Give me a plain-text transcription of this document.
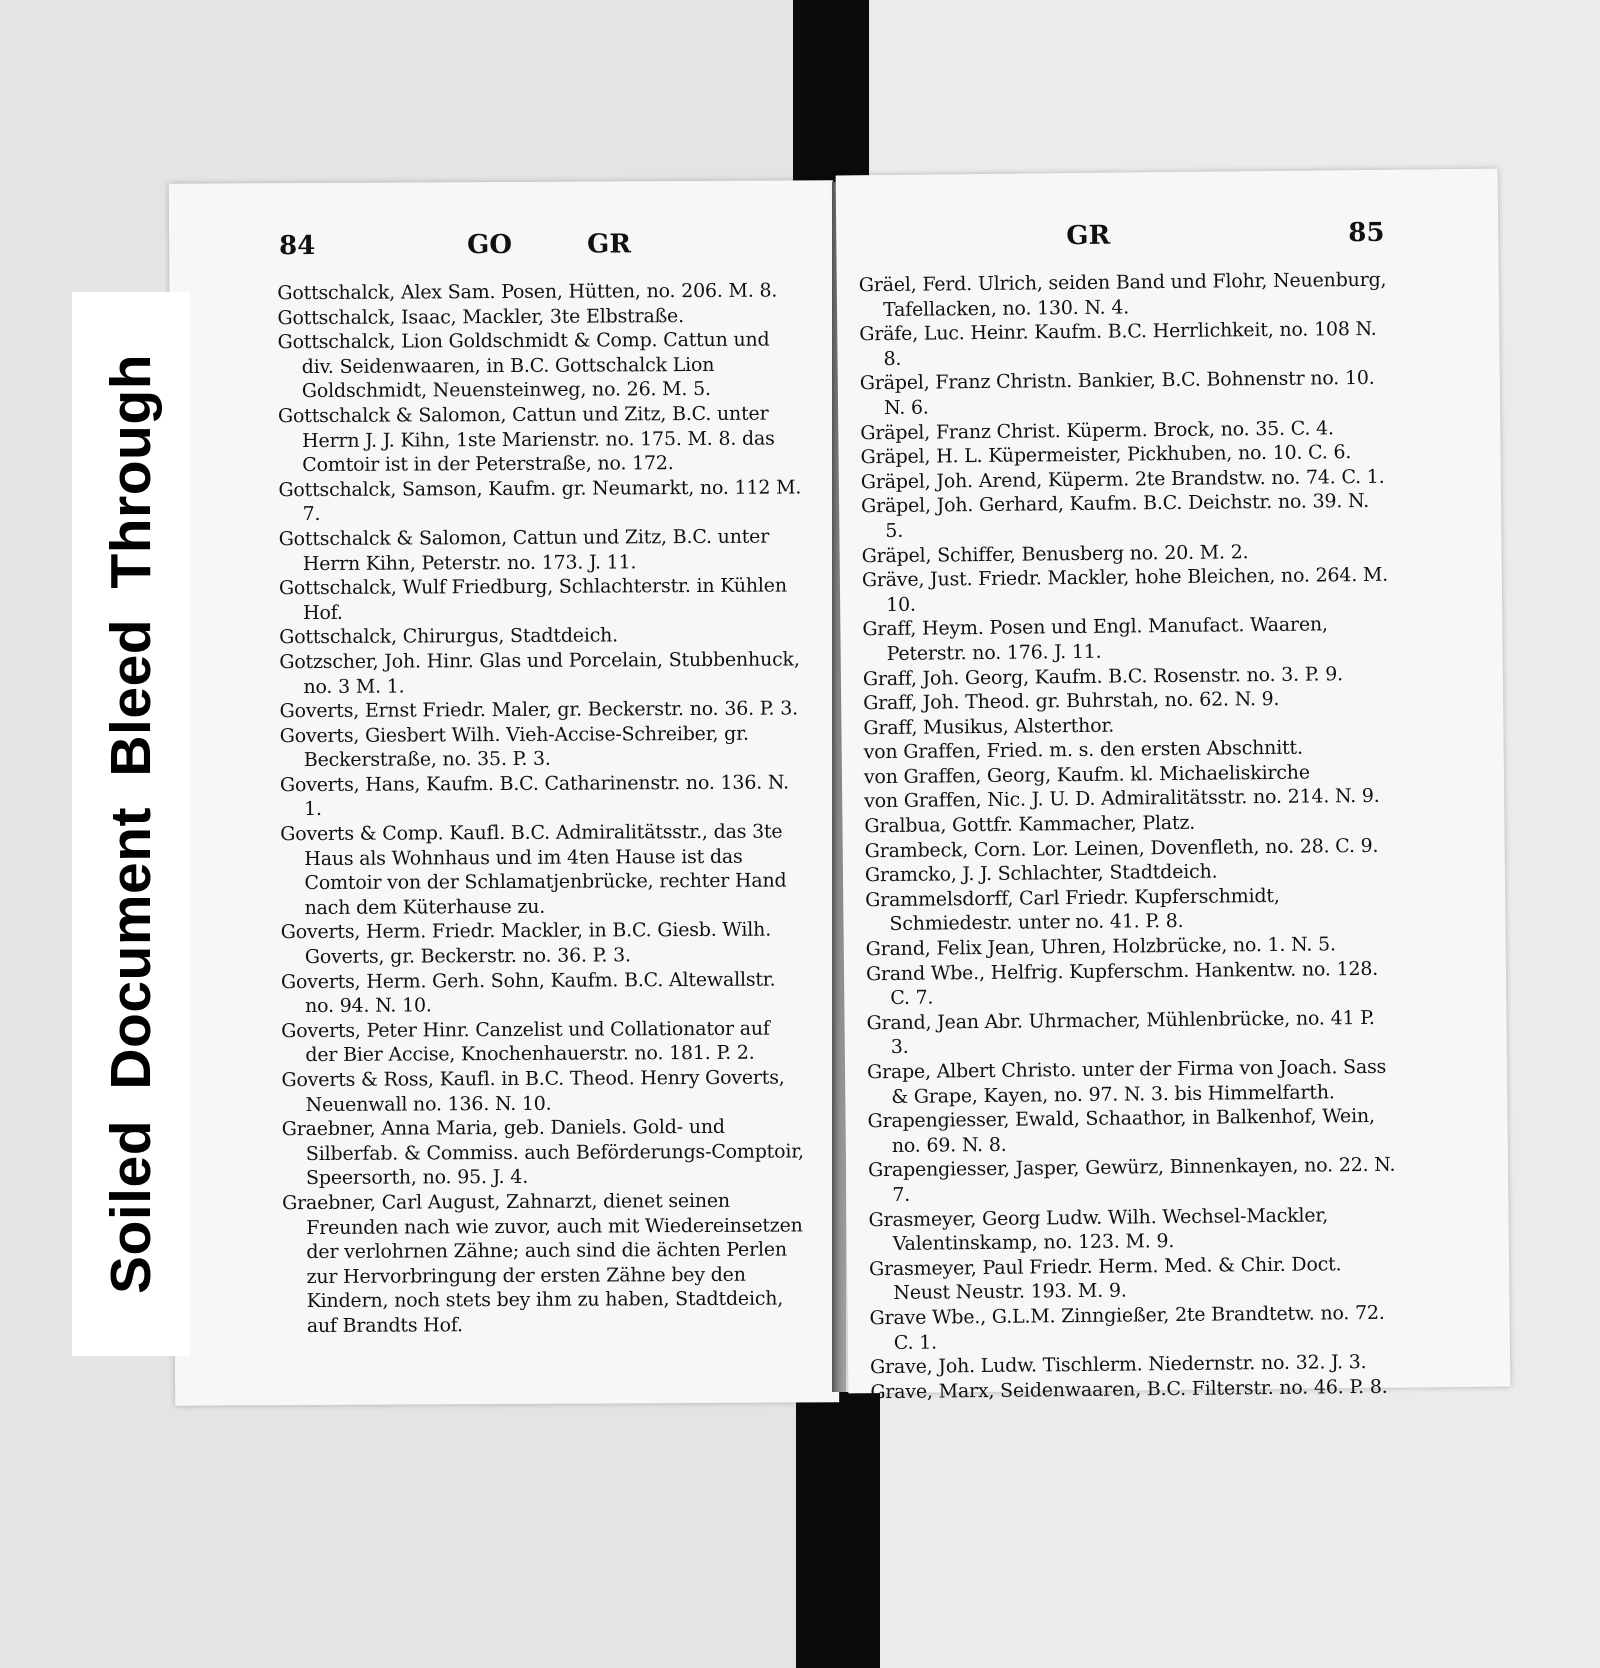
84	GO	GR

Gottschalck, Alex Sam. Posen, Hütten, no. 206. M. 8.

Gottschalck, Isaac, Mackler, 3te Elbstraße.

Gottschalck, Lion Goldschmidt & Comp. Cattun und div. Seidenwaaren, in B.C. Gottschalck Lion Goldschmidt, Neuensteinweg, no. 26. M. 5.

Gottschalck & Salomon, Cattun und Zitz, B.C. unter Herrn J. J. Kihn, 1ste Marienstr. no. 175. M. 8. das Comtoir ist in der Peterstraße, no. 172.

Gottschalck, Samson, Kaufm. gr. Neumarkt, no. 112 M. 7.

Gottschalck & Salomon, Cattun und Zitz, B.C. unter Herrn Kihn, Peterstr. no. 173. J. 11.

Gottschalck, Wulf Friedburg, Schlachterstr. in Kühlen Hof.

Gottschalck, Chirurgus, Stadtdeich.

Gotzscher, Joh. Hinr. Glas und Porcelain, Stubbenhuck, no. 3 M. 1.

Goverts, Ernst Friedr. Maler, gr. Beckerstr. no. 36. P. 3.

Goverts, Giesbert Wilh. Vieh-Accise-Schreiber, gr. Beckerstraße, no. 35. P. 3.

Goverts, Hans, Kaufm. B.C. Catharinenstr. no. 136. N. 1.

Goverts & Comp. Kaufl. B.C. Admiralitätsstr., das 3te Haus als Wohnhaus und im 4ten Hause ist das Comtoir von der Schlamatjenbrücke, rechter Hand nach dem Küterhause zu.

Goverts, Herm. Friedr. Mackler, in B.C. Giesb. Wilh. Goverts, gr. Beckerstr. no. 36. P. 3.

Goverts, Herm. Gerh. Sohn, Kaufm. B.C. Altewallstr. no. 94. N. 10.

Goverts, Peter Hinr. Canzelist und Collationator auf der Bier Accise, Knochenhauerstr. no. 181. P. 2.

Goverts & Ross, Kaufl. in B.C. Theod. Henry Goverts, Neuenwall no. 136. N. 10.

Graebner, Anna Maria, geb. Daniels. Gold- und Silberfab. & Commiss. auch Beförderungs-Comptoir, Speersorth, no. 95. J. 4.

Graebner, Carl August, Zahnarzt, dienet seinen Freunden nach wie zuvor, auch mit Wiedereinsetzen der verlohrnen Zähne; auch sind die ächten Perlen zur Hervorbringung der ersten Zähne bey den Kindern, noch stets bey ihm zu haben, Stadtdeich, auf Brandts Hof.

GR	85

Gräel, Ferd. Ulrich, seiden Band und Flohr, Neuenburg, Tafellacken, no. 130. N. 4.

Gräfe, Luc. Heinr. Kaufm. B.C. Herrlichkeit, no. 108 N. 8.

Gräpel, Franz Christn. Bankier, B.C. Bohnenstr no. 10. N. 6.

Gräpel, Franz Christ. Küperm. Brock, no. 35. C. 4.

Gräpel, H. L. Küpermeister, Pickhuben, no. 10. C. 6.

Gräpel, Joh. Arend, Küperm. 2te Brandstw. no. 74. C. 1.

Gräpel, Joh. Gerhard, Kaufm. B.C. Deichstr. no. 39. N. 5.

Gräpel, Schiffer, Benusberg no. 20. M. 2.

Gräve, Just. Friedr. Mackler, hohe Bleichen, no. 264. M. 10.

Graff, Heym. Posen und Engl. Manufact. Waaren, Peterstr. no. 176. J. 11.

Graff, Joh. Georg, Kaufm. B.C. Rosenstr. no. 3. P. 9.

Graff, Joh. Theod. gr. Buhrstah, no. 62. N. 9.

Graff, Musikus, Alsterthor.

von Graffen, Fried. m. s. den ersten Abschnitt.

von Graffen, Georg, Kaufm. kl. Michaeliskirche

von Graffen, Nic. J. U. D. Admiralitätsstr. no. 214. N. 9.

Gralbua, Gottfr. Kammacher, Platz.

Grambeck, Corn. Lor. Leinen, Dovenfleth, no. 28. C. 9.

Gramcko, J. J. Schlachter, Stadtdeich.

Grammelsdorff, Carl Friedr. Kupferschmidt, Schmiedestr. unter no. 41. P. 8.

Grand, Felix Jean, Uhren, Holzbrücke, no. 1. N. 5.

Grand Wbe., Helfrig. Kupferschm. Hankentw. no. 128. C. 7.

Grand, Jean Abr. Uhrmacher, Mühlenbrücke, no. 41 P. 3.

Grape, Albert Christo. unter der Firma von Joach. Sass & Grape, Kayen, no. 97. N. 3. bis Himmelfarth.

Grapengiesser, Ewald, Schaathor, in Balkenhof, Wein, no. 69. N. 8.

Grapengiesser, Jasper, Gewürz, Binnenkayen, no. 22. N. 7.

Grasmeyer, Georg Ludw. Wilh. Wechsel-Mackler, Valentinskamp, no. 123. M. 9.

Grasmeyer, Paul Friedr. Herm. Med. & Chir. Doct. Neust Neustr. 193. M. 9.

Grave Wbe., G.L.M. Zinngießer, 2te Brandtetw. no. 72. C. 1.

Grave, Joh. Ludw. Tischlerm. Niedernstr. no. 32. J. 3.

Grave, Marx, Seidenwaaren, B.C. Filterstr. no. 46. P. 8.

Soiled Document Bleed Through
